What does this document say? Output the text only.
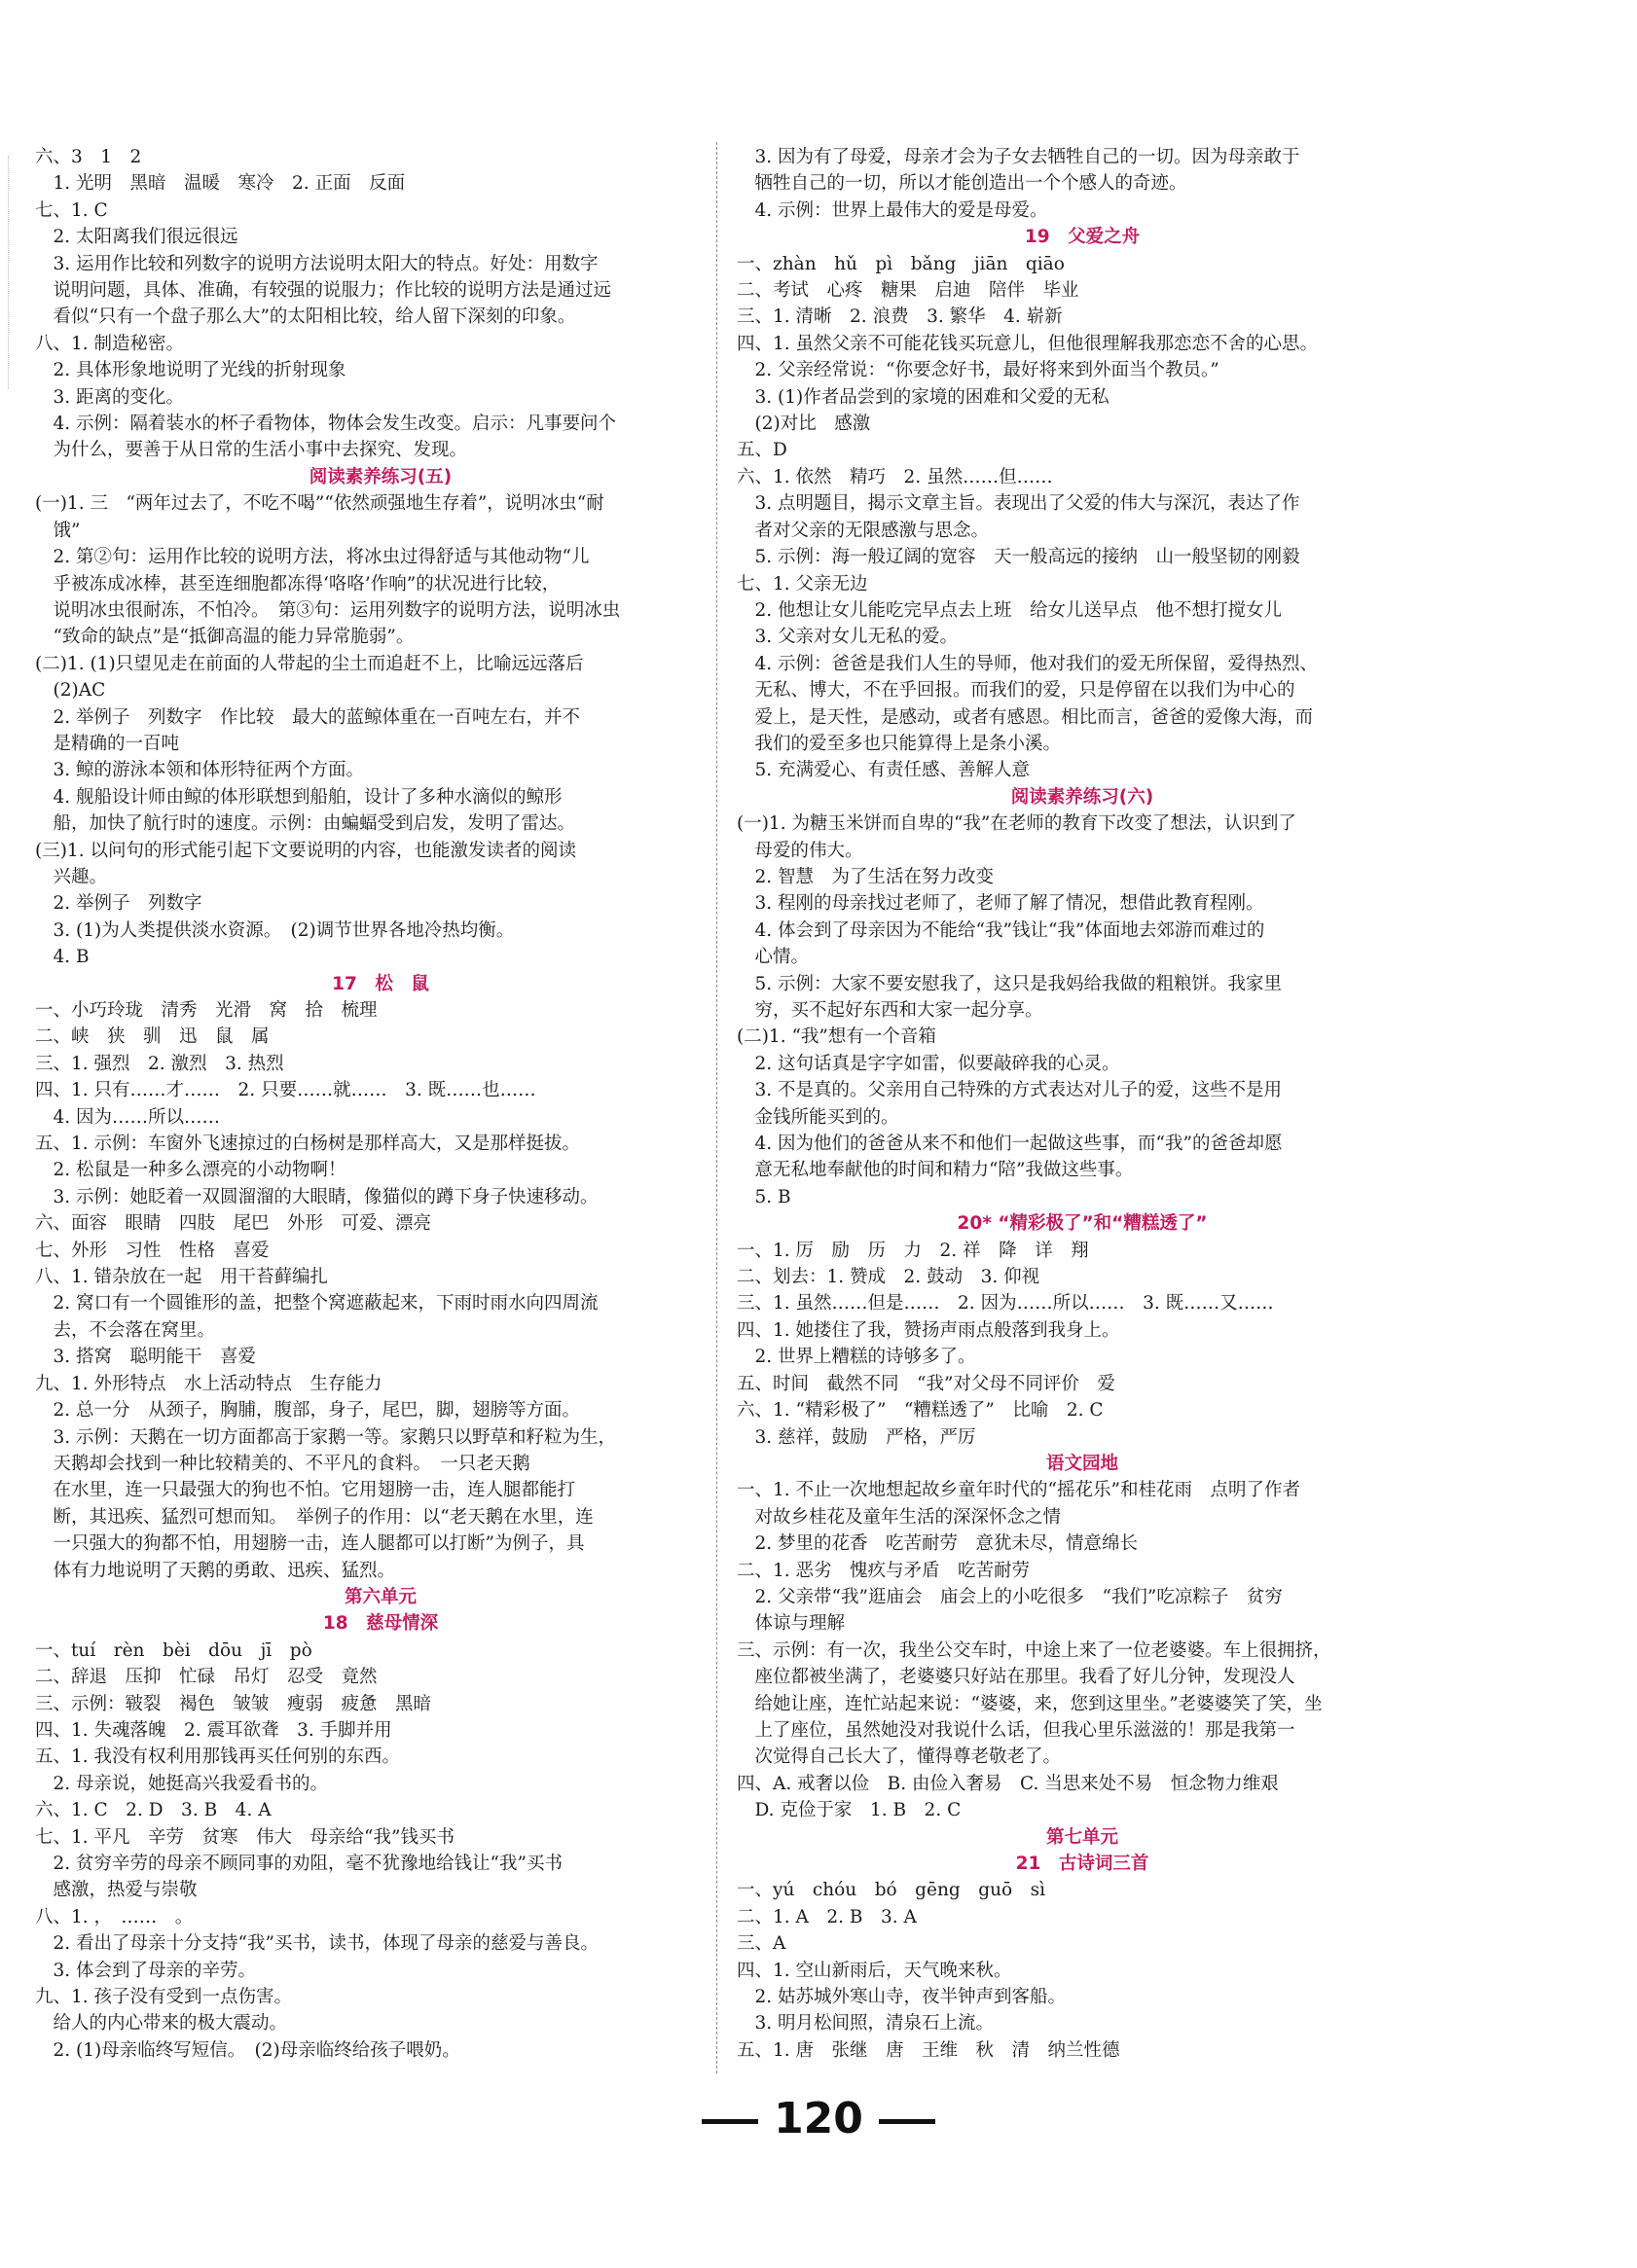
六、3　1　2
　1. 光明　黑暗　温暖　寒冷　2. 正面　反面
七、1. C
　2. 太阳离我们很远很远
　3. 运用作比较和列数字的说明方法说明太阳大的特点。好处：用数字
　说明问题，具体、准确，有较强的说服力；作比较的说明方法是通过远
　看似“只有一个盘子那么大”的太阳相比较，给人留下深刻的印象。
八、1. 制造秘密。
　2. 具体形象地说明了光线的折射现象
　3. 距离的变化。
　4. 示例：隔着装水的杯子看物体，物体会发生改变。启示：凡事要问个
　为什么，要善于从日常的生活小事中去探究、发现。
阅读素养练习(五)
(一)1. 三　“两年过去了，不吃不喝”“依然顽强地生存着”，说明冰虫“耐
　饿”
　2. 第②句：运用作比较的说明方法，将冰虫过得舒适与其他动物“儿
　乎被冻成冰棒，甚至连细胞都冻得‘咯咯’作响”的状况进行比较，
　说明冰虫很耐冻，不怕冷。　第③句：运用列数字的说明方法，说明冰虫
　“致命的缺点”是“抵御高温的能力异常脆弱”。
(二)1. (1)只望见走在前面的人带起的尘土而追赶不上，比喻远远落后
　(2)AC
　2. 举例子　列数字　作比较　最大的蓝鲸体重在一百吨左右，并不
　是精确的一百吨
　3. 鲸的游泳本领和体形特征两个方面。
　4. 舰船设计师由鲸的体形联想到船舶，设计了多种水滴似的鲸形
　船，加快了航行时的速度。示例：由蝙蝠受到启发，发明了雷达。
(三)1. 以问句的形式能引起下文要说明的内容，也能激发读者的阅读
　兴趣。
　2. 举例子　列数字
　3. (1)为人类提供淡水资源。　(2)调节世界各地冷热均衡。
　4. B
17　松　鼠
一、小巧玲珑　清秀　光滑　窝　拾　梳理
二、峡　狭　驯　迅　鼠　属
三、1. 强烈　2. 激烈　3. 热烈
四、1. 只有……才……　2. 只要……就……　3. 既……也……
　4. 因为……所以……
五、1. 示例：车窗外飞速掠过的白杨树是那样高大，又是那样挺拔。
　2. 松鼠是一种多么漂亮的小动物啊！
　3. 示例：她眨着一双圆溜溜的大眼睛，像猫似的蹲下身子快速移动。
六、面容　眼睛　四肢　尾巴　外形　可爱、漂亮
七、外形　习性　性格　喜爱
八、1. 错杂放在一起　用干苔藓编扎
　2. 窝口有一个圆锥形的盖，把整个窝遮蔽起来，下雨时雨水向四周流
　去，不会落在窝里。
　3. 搭窝　聪明能干　喜爱
九、1. 外形特点　水上活动特点　生存能力
　2. 总一分　从颈子，胸脯，腹部，身子，尾巴，脚，翅膀等方面。
　3. 示例：天鹅在一切方面都高于家鹅一等。家鹅只以野草和籽粒为生，
　天鹅却会找到一种比较精美的、不平凡的食料。　一只老天鹅
　在水里，连一只最强大的狗也不怕。它用翅膀一击，连人腿都能打
　断，其迅疾、猛烈可想而知。　举例子的作用：以“老天鹅在水里，连
　一只强大的狗都不怕，用翅膀一击，连人腿都可以打断”为例子，具
　体有力地说明了天鹅的勇敢、迅疾、猛烈。
第六单元
18　慈母情深
一、tuí　rèn　bèi　dōu　jī　pò
二、辞退　压抑　忙碌　吊灯　忍受　竟然
三、示例：皲裂　褐色　皱皱　瘦弱　疲惫　黑暗
四、1. 失魂落魄　2. 震耳欲聋　3. 手脚并用
五、1. 我没有权利用那钱再买任何别的东西。
　2. 母亲说，她挺高兴我爱看书的。
六、1. C　2. D　3. B　4. A
七、1. 平凡　辛劳　贫寒　伟大　母亲给“我”钱买书
　2. 贫穷辛劳的母亲不顾同事的劝阻，毫不犹豫地给钱让“我”买书
　感激，热爱与崇敬
八、1. ，　……　。
　2. 看出了母亲十分支持“我”买书，读书，体现了母亲的慈爱与善良。
　3. 体会到了母亲的辛劳。
九、1. 孩子没有受到一点伤害。
　给人的内心带来的极大震动。
　2. (1)母亲临终写短信。　(2)母亲临终给孩子喂奶。
　3. 因为有了母爱，母亲才会为子女去牺牲自己的一切。因为母亲敢于
　牺牲自己的一切，所以才能创造出一个个感人的奇迹。
　4. 示例：世界上最伟大的爱是母爱。
19　父爱之舟
一、zhàn　hǔ　pì　bǎng　jiān　qiāo
二、考试　心疼　糖果　启迪　陪伴　毕业
三、1. 清晰　2. 浪费　3. 繁华　4. 崭新
四、1. 虽然父亲不可能花钱买玩意儿，但他很理解我那恋恋不舍的心思。
　2. 父亲经常说：“你要念好书，最好将来到外面当个教员。”
　3. (1)作者品尝到的家境的困难和父爱的无私
　(2)对比　感激
五、D
六、1. 依然　精巧　2. 虽然……但……
　3. 点明题目，揭示文章主旨。表现出了父爱的伟大与深沉，表达了作
　者对父亲的无限感激与思念。
　5. 示例：海一般辽阔的宽容　天一般高远的接纳　山一般坚韧的刚毅
七、1. 父亲无边
　2. 他想让女儿能吃完早点去上班　给女儿送早点　他不想打搅女儿
　3. 父亲对女儿无私的爱。
　4. 示例：爸爸是我们人生的导师，他对我们的爱无所保留，爱得热烈、
　无私、博大，不在乎回报。而我们的爱，只是停留在以我们为中心的
　爱上，是天性，是感动，或者有感恩。相比而言，爸爸的爱像大海，而
　我们的爱至多也只能算得上是条小溪。
　5. 充满爱心、有责任感、善解人意
阅读素养练习(六)
(一)1. 为糖玉米饼而自卑的“我”在老师的教育下改变了想法，认识到了
　母爱的伟大。
　2. 智慧　为了生活在努力改变
　3. 程刚的母亲找过老师了，老师了解了情况，想借此教育程刚。
　4. 体会到了母亲因为不能给“我”钱让“我”体面地去郊游而难过的
　心情。
　5. 示例：大家不要安慰我了，这只是我妈给我做的粗粮饼。我家里
　穷，买不起好东西和大家一起分享。
(二)1. “我”想有一个音箱
　2. 这句话真是字字如雷，似要敲碎我的心灵。
　3. 不是真的。父亲用自己特殊的方式表达对儿子的爱，这些不是用
　金钱所能买到的。
　4. 因为他们的爸爸从来不和他们一起做这些事，而“我”的爸爸却愿
　意无私地奉献他的时间和精力“陪”我做这些事。
　5. B
20* “精彩极了”和“糟糕透了”
一、1. 厉　励　历　力　2. 祥　降　详　翔
二、划去：1. 赞成　2. 鼓动　3. 仰视
三、1. 虽然……但是……　2. 因为……所以……　3. 既……又……
四、1. 她搂住了我，赞扬声雨点般落到我身上。
　2. 世界上糟糕的诗够多了。
五、时间　截然不同　“我”对父母不同评价　爱
六、1. “精彩极了”　“糟糕透了”　比喻　2. C
　3. 慈祥，鼓励　严格，严厉
语文园地
一、1. 不止一次地想起故乡童年时代的“摇花乐”和桂花雨　点明了作者
　对故乡桂花及童年生活的深深怀念之情
　2. 梦里的花香　吃苦耐劳　意犹未尽，情意绵长
二、1. 恶劣　愧疚与矛盾　吃苦耐劳
　2. 父亲带“我”逛庙会　庙会上的小吃很多　“我们”吃凉粽子　贫穷
　体谅与理解
三、示例：有一次，我坐公交车时，中途上来了一位老婆婆。车上很拥挤，
　座位都被坐满了，老婆婆只好站在那里。我看了好儿分钟，发现没人
　给她让座，连忙站起来说：“婆婆，来，您到这里坐。”老婆婆笑了笑，坐
　上了座位，虽然她没对我说什么话，但我心里乐滋滋的！那是我第一
　次觉得自己长大了，懂得尊老敬老了。
四、A. 戒奢以俭　B. 由俭入奢易　C. 当思来处不易　恒念物力维艰
　D. 克俭于家　1. B　2. C
第七单元
21　古诗词三首
一、yú　chóu　bó　gēng　guō　sì
二、1. A　2. B　3. A
三、A
四、1. 空山新雨后，天气晚来秋。
　2. 姑苏城外寒山寺，夜半钟声到客船。
　3. 明月松间照，清泉石上流。
五、1. 唐　张继　唐　王维　秋　清　纳兰性德
120
